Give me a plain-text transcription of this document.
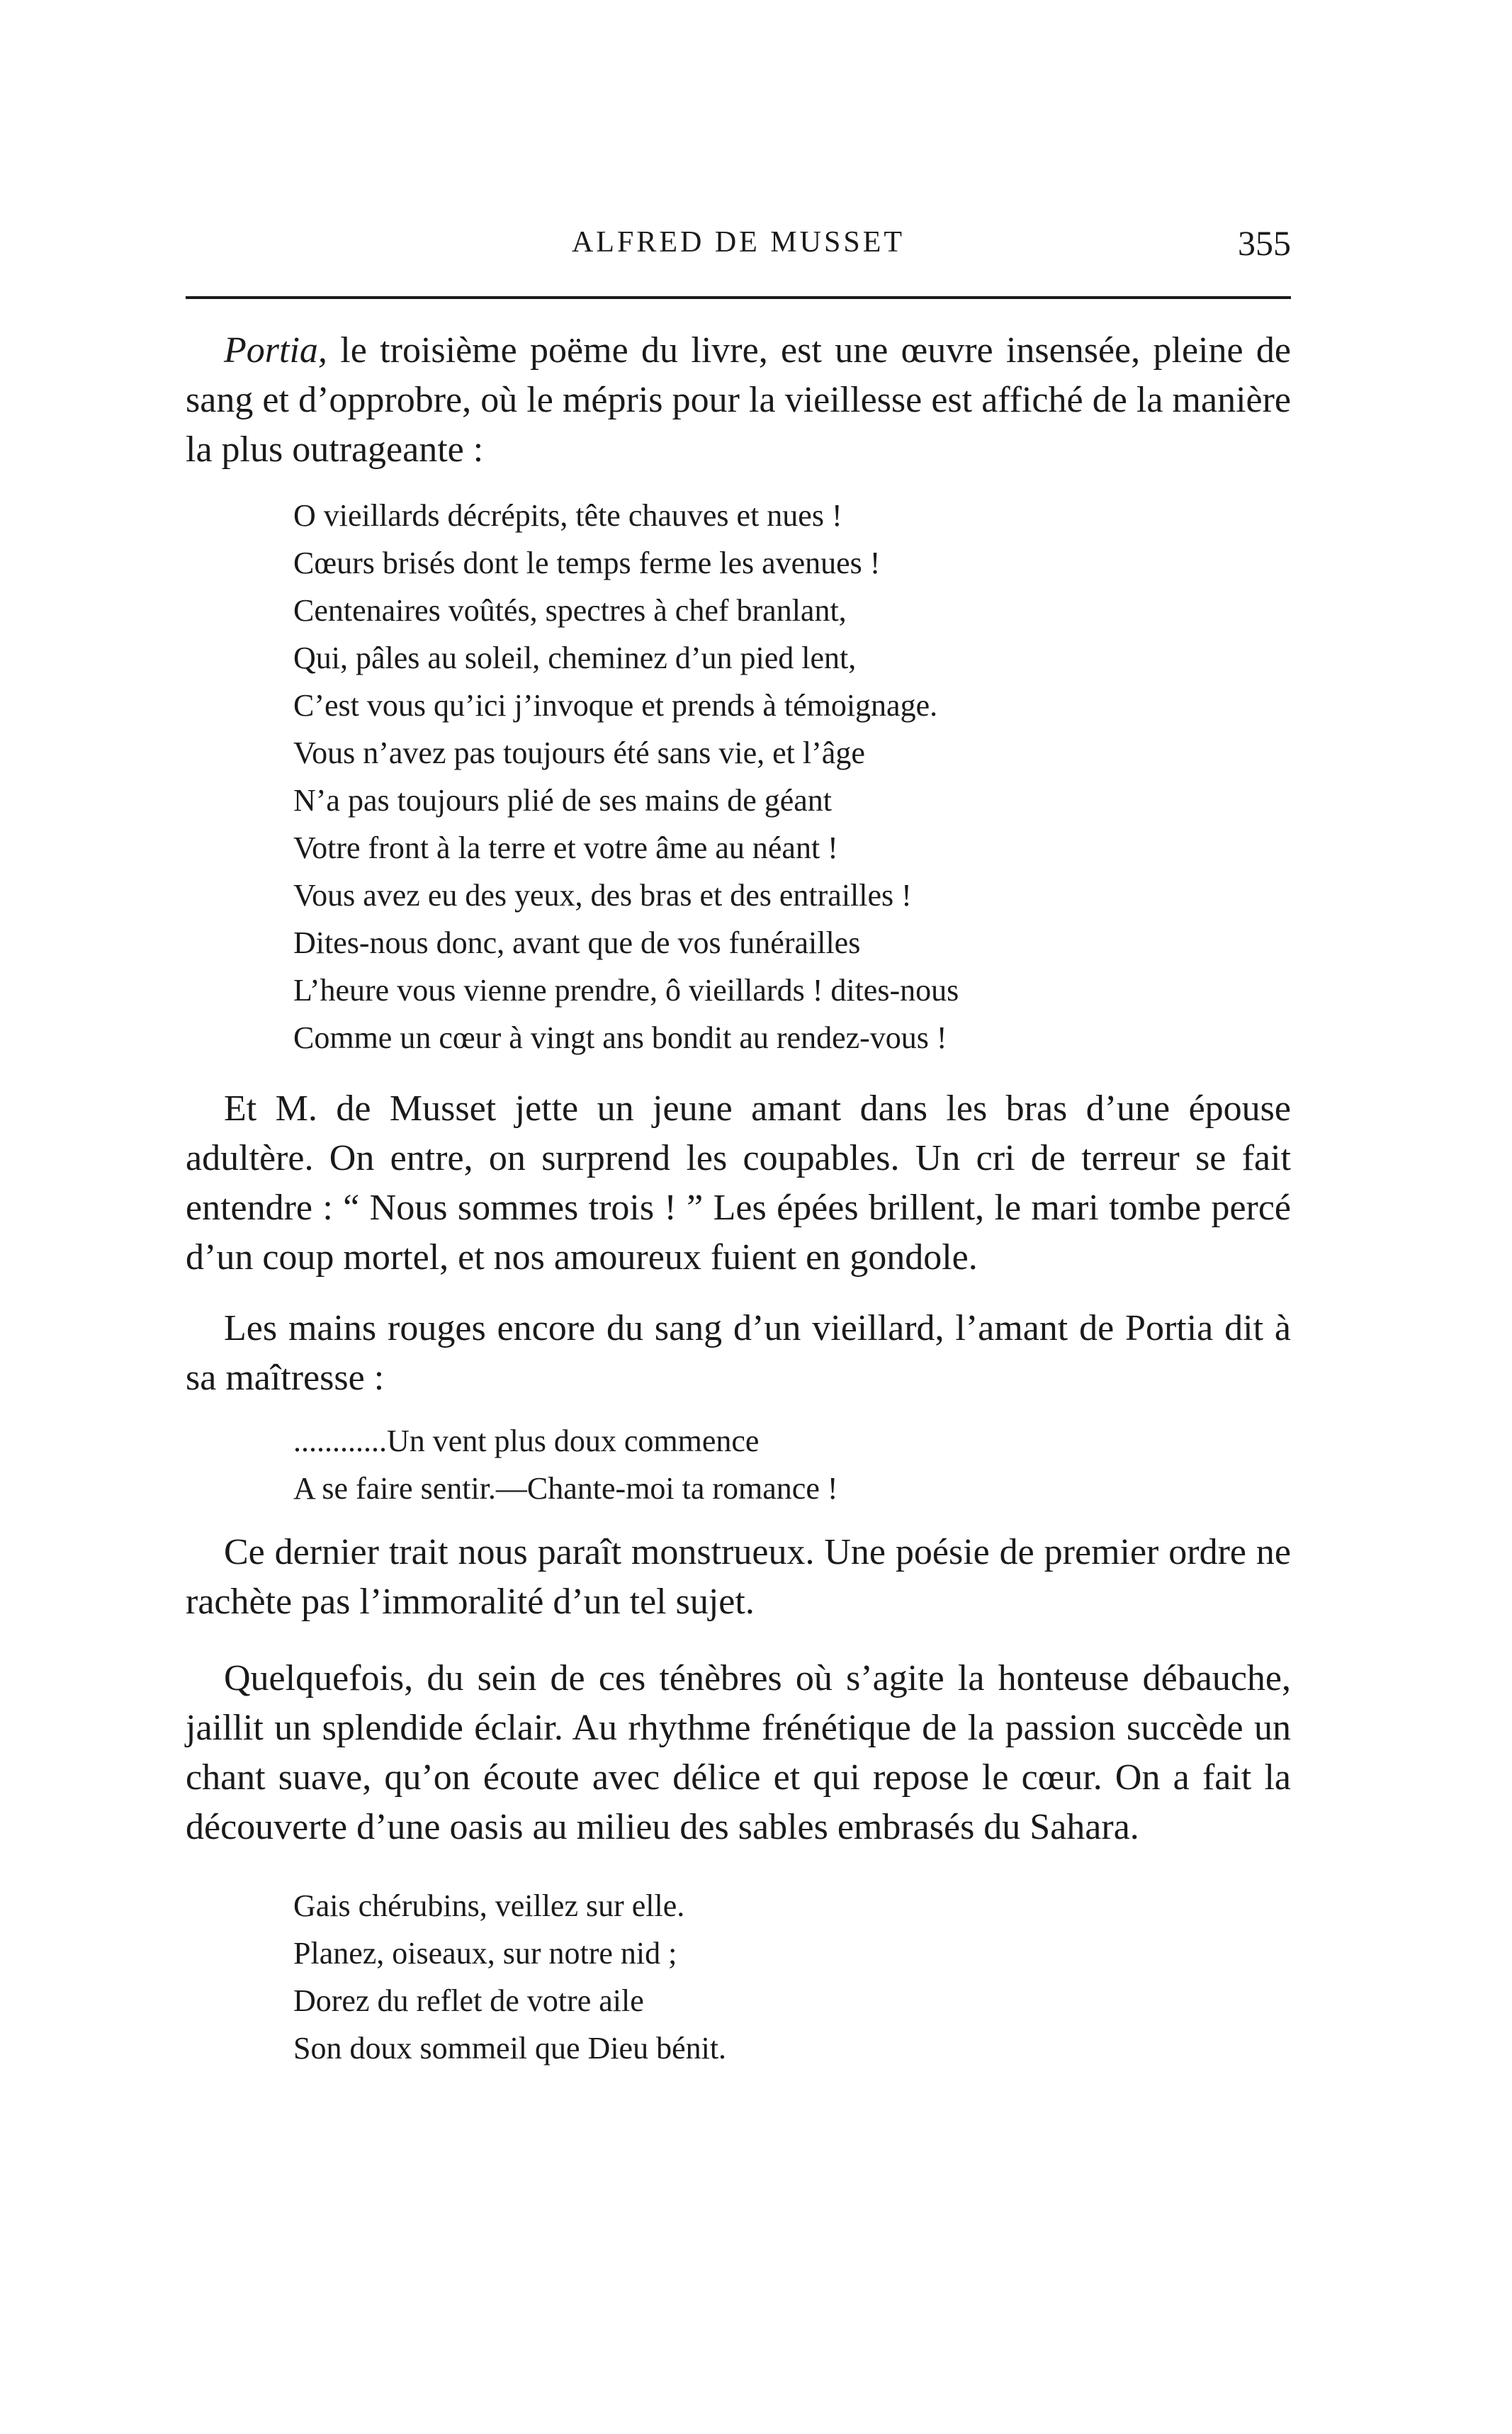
ALFRED DE MUSSET	355

Portia, le troisième poëme du livre, est une œuvre insensée, pleine de sang et d’opprobre, où le mépris pour la vieillesse est affiché de la manière la plus outrageante :

O vieillards décrépits, tête chauves et nues !
Cœurs brisés dont le temps ferme les avenues !
Centenaires voûtés, spectres à chef branlant,
Qui, pâles au soleil, cheminez d’un pied lent,
C’est vous qu’ici j’invoque et prends à témoignage.
Vous n’avez pas toujours été sans vie, et l’âge
N’a pas toujours plié de ses mains de géant
Votre front à la terre et votre âme au néant !
Vous avez eu des yeux, des bras et des entrailles !
Dites-nous donc, avant que de vos funérailles
L’heure vous vienne prendre, ô vieillards ! dites-nous
Comme un cœur à vingt ans bondit au rendez-vous !

Et M. de Musset jette un jeune amant dans les bras d’une épouse adultère. On entre, on surprend les coupables. Un cri de terreur se fait entendre : “ Nous sommes trois ! ” Les épées brillent, le mari tombe percé d’un coup mortel, et nos amoureux fuient en gondole.

Les mains rouges encore du sang d’un vieillard, l’amant de Portia dit à sa maîtresse :

............Un vent plus doux commence
A se faire sentir.—Chante-moi ta romance !

Ce dernier trait nous paraît monstrueux. Une poésie de premier ordre ne rachète pas l’immoralité d’un tel sujet.

Quelquefois, du sein de ces ténèbres où s’agite la honteuse débauche, jaillit un splendide éclair. Au rhythme frénétique de la passion succède un chant suave, qu’on écoute avec délice et qui repose le cœur. On a fait la découverte d’une oasis au milieu des sables embrasés du Sahara.

Gais chérubins, veillez sur elle.
Planez, oiseaux, sur notre nid ;
Dorez du reflet de votre aile
Son doux sommeil que Dieu bénit.
